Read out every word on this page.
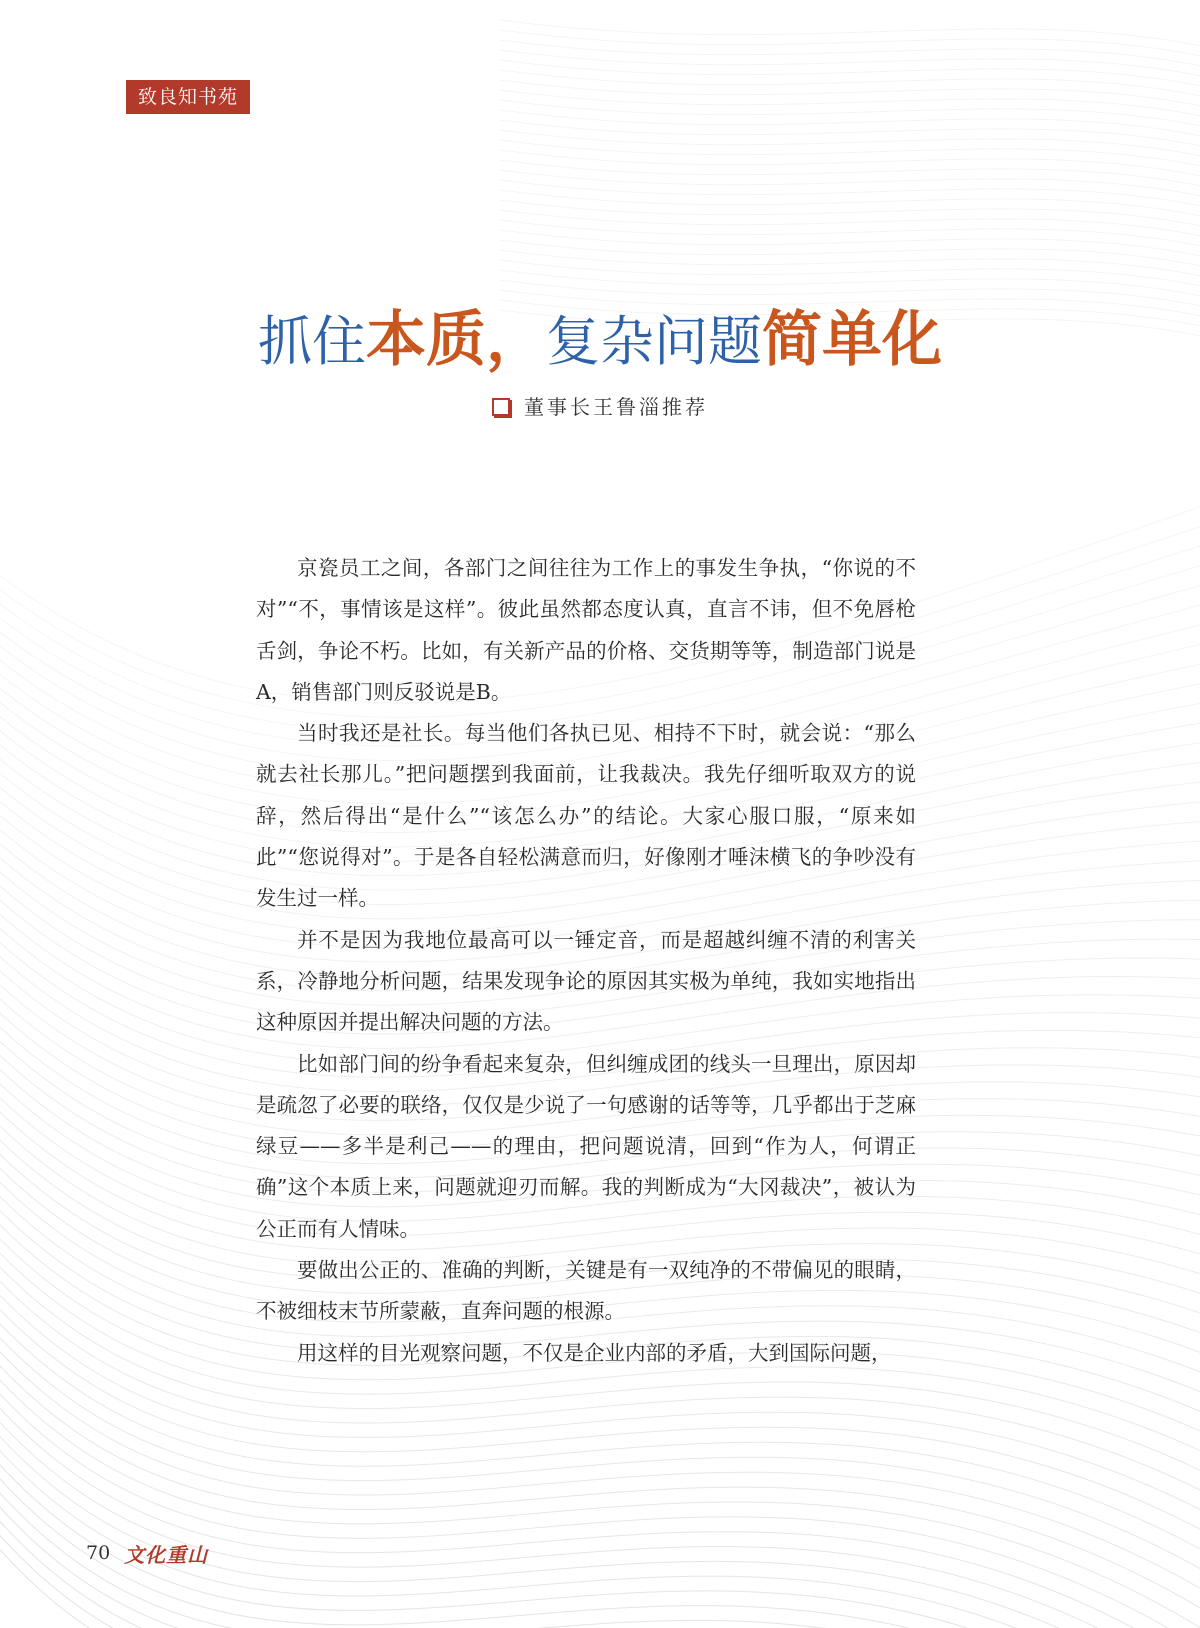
致良知书苑
抓住本质，复杂问题简单化
董事长王鲁淄推荐

京瓷员工之间，各部门之间往往为工作上的事发生争执，“你说的不对”“不，事情该是这样”。彼此虽然都态度认真，直言不讳，但不免唇枪舌剑，争论不朽。比如，有关新产品的价格、交货期等等，制造部门说是A，销售部门则反驳说是B。

当时我还是社长。每当他们各执已见、相持不下时，就会说：“那么就去社长那儿。”把问题摆到我面前，让我裁决。我先仔细听取双方的说辞，然后得出“是什么”“该怎么办”的结论。大家心服口服，“原来如此”“您说得对”。于是各自轻松满意而归，好像刚才唾沫横飞的争吵没有发生过一样。

并不是因为我地位最高可以一锤定音，而是超越纠缠不清的利害关系，冷静地分析问题，结果发现争论的原因其实极为单纯，我如实地指出这种原因并提出解决问题的方法。

比如部门间的纷争看起来复杂，但纠缠成团的线头一旦理出，原因却是疏忽了必要的联络，仅仅是少说了一句感谢的话等等，几乎都出于芝麻绿豆——多半是利己——的理由，把问题说清，回到“作为人，何谓正确”这个本质上来，问题就迎刃而解。我的判断成为“大冈裁决”，被认为公正而有人情味。

要做出公正的、准确的判断，关键是有一双纯净的不带偏见的眼睛，不被细枝末节所蒙蔽，直奔问题的根源。

用这样的目光观察问题，不仅是企业内部的矛盾，大到国际问题，

70 文化重山
